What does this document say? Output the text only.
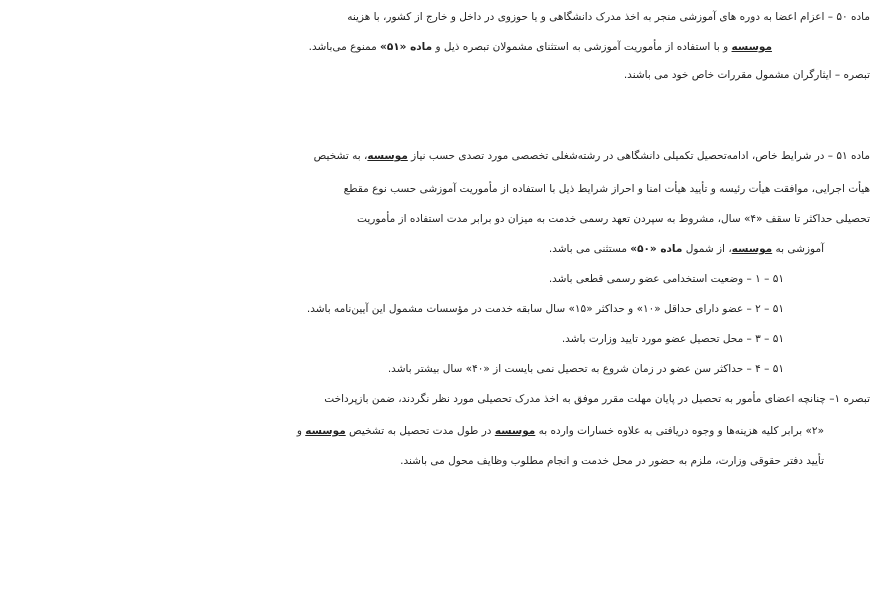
ماده ۵۰ – اعزام اعضا به دوره های آموزشی منجر به اخذ مدرک دانشگاهی و یا حوزوی در داخل و خارج از کشور، با هزینه
موسسه و با استفاده از مأموریت آموزشی به استثنای مشمولان تبصره ذیل و ماده «۵۱» ممنوع می‌باشد.
تبصره – ایثارگران مشمول مقررات خاص خود می باشند.
ماده ۵۱ – در شرایط خاص، ادامه‌تحصیل تکمیلی دانشگاهی در رشته‌شغلی تخصصی مورد تصدی حسب نیاز موسسه، به تشخیص
هیأت اجرایی، موافقت هیأت رئیسه و تأیید هیأت امنا و احراز شرایط ذیل با استفاده از مأموریت آموزشی حسب نوع مقطع
تحصیلی حداکثر تا سقف «۴» سال، مشروط به سپردن تعهد رسمی خدمت به میزان دو برابر مدت استفاده از مأموریت
آموزشی به موسسه، از شمول ماده «۵۰» مستثنی می باشد.
۵۱ – ۱ – وضعیت استخدامی عضو رسمی قطعی باشد.
۵۱ – ۲ – عضو دارای حداقل «۱۰» و حداکثر «۱۵» سال سابقه خدمت در مؤسسات مشمول این آیین‌نامه باشد.
۵۱ – ۳ – محل تحصیل عضو مورد تایید وزارت باشد.
۵۱ – ۴ – حداکثر سن عضو در زمان شروع به تحصیل نمی بایست از «۴۰» سال بیشتر باشد.
تبصره ۱– چنانچه اعضای مأمور به تحصیل در پایان مهلت مقرر موفق به اخذ مدرک تحصیلی مورد نظر نگردند، ضمن بازپرداخت
«۲» برابر کلیه هزینه‌ها و وجوه دریافتی به علاوه خسارات وارده به موسسه در طول مدت تحصیل به تشخیص موسسه و
تأیید دفتر حقوقی وزارت، ملزم به حضور در محل خدمت و انجام مطلوب وظایف محول می باشند.
